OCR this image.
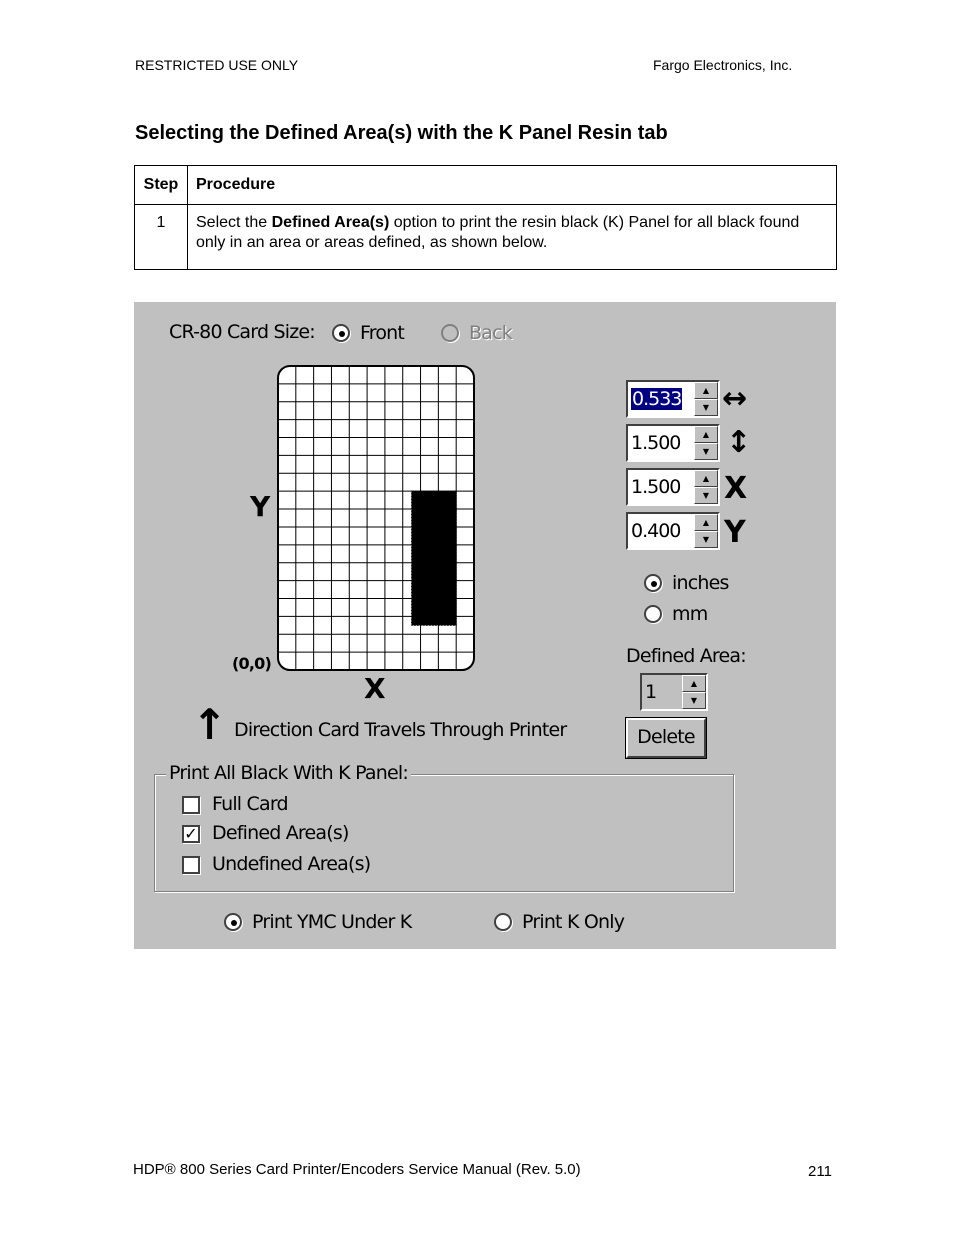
RESTRICTED USE ONLY	Fargo Electronics, Inc.
Selecting the Defined Area(s) with the K Panel Resin tab
Step	Procedure
1	Select the Defined Area(s) option to print the resin black (K) Panel for all black found only in an area or areas defined, as shown below.
CR-80 Card Size: Front	Back
Y
X
(0,0)
↑ Direction Card Travels Through Printer
0.533	▲
▼ ↔
1.500	▲
▼ ↕
1.500	▲
▼ X
0.400	▲
▼ Y
inches
mm
Defined Area:
1	▲
▼
Delete
Print All Black With K Panel:
Full Card
✓ Defined Area(s)
Undefined Area(s)
Print YMC Under K	Print K Only
HDP® 800 Series Card Printer/Encoders Service Manual (Rev. 5.0)	211
